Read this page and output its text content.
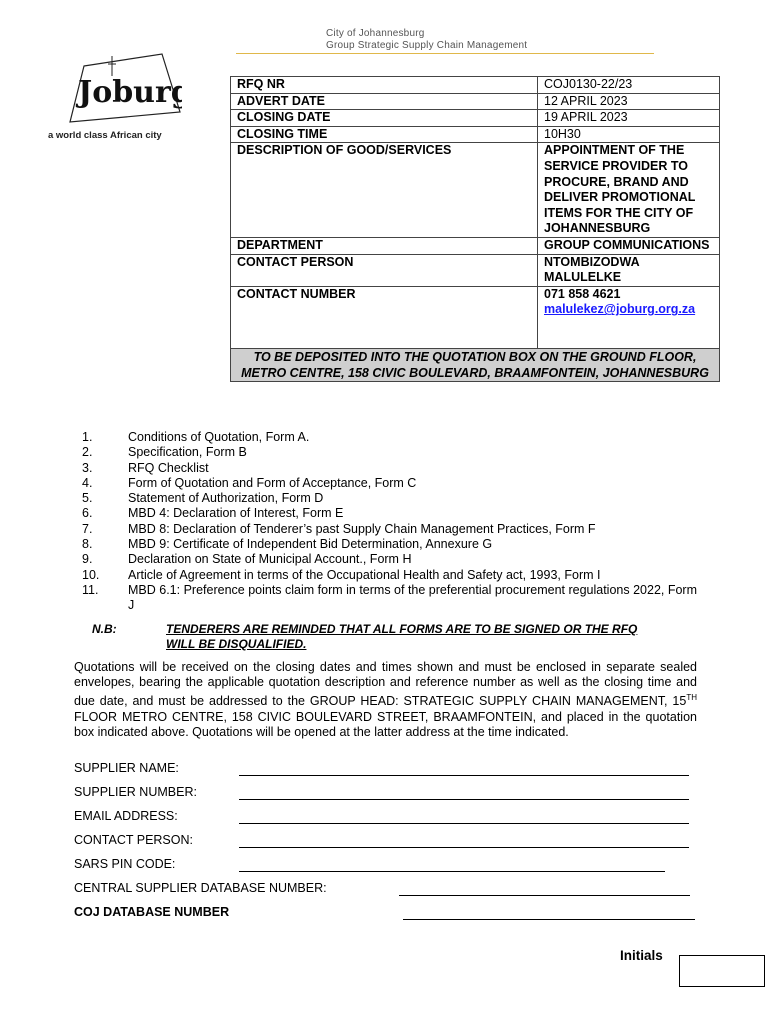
City of Johannesburg
Group Strategic Supply Chain Management
Joburg
a world class African city
RFQ NR	COJ0130-22/23
ADVERT DATE	12 APRIL 2023
CLOSING DATE	19 APRIL 2023
CLOSING TIME	10H30
DESCRIPTION OF GOOD/SERVICES	APPOINTMENT OF THE SERVICE PROVIDER TO PROCURE, BRAND AND DELIVER PROMOTIONAL ITEMS FOR THE CITY OF JOHANNESBURG
DEPARTMENT	GROUP COMMUNICATIONS
CONTACT PERSON	NTOMBIZODWA MALULELKE
CONTACT NUMBER	071 858 4621
malulekez@joburg.org.za

TO BE DEPOSITED INTO THE QUOTATION BOX ON THE GROUND FLOOR, METRO CENTRE, 158 CIVIC BOULEVARD, BRAAMFONTEIN, JOHANNESBURG	
1.	Conditions of Quotation, Form A.
2.	Specification, Form B
3.	RFQ Checklist
4.	Form of Quotation and Form of Acceptance, Form C
5.	Statement of Authorization, Form D
6.	MBD 4: Declaration of Interest, Form E
7.	MBD 8: Declaration of Tenderer’s past Supply Chain Management Practices, Form F
8.	MBD 9: Certificate of Independent Bid Determination, Annexure G
9.	Declaration on State of Municipal Account., Form H
10. Article of Agreement in terms of the Occupational Health and Safety act, 1993, Form I
11. MBD 6.1: Preference points claim form in terms of the preferential procurement regulations 2022, Form J
N.B:	TENDERERS ARE REMINDED THAT ALL FORMS ARE TO BE SIGNED OR THE RFQ WILL BE DISQUALIFIED.
Quotations will be received on the closing dates and times shown and must be enclosed in separate sealed envelopes, bearing the applicable quotation description and reference number as well as the closing time and due date, and must be addressed to the GROUP HEAD: STRATEGIC SUPPLY CHAIN MANAGEMENT, 15TH FLOOR METRO CENTRE, 158 CIVIC BOULEVARD STREET, BRAAMFONTEIN, and placed in the quotation box indicated above. Quotations will be opened at the latter address at the time indicated.
SUPPLIER NAME:
SUPPLIER NUMBER:
EMAIL ADDRESS:
CONTACT PERSON:
SARS PIN CODE:
CENTRAL SUPPLIER DATABASE NUMBER:
COJ DATABASE NUMBER
Initials
